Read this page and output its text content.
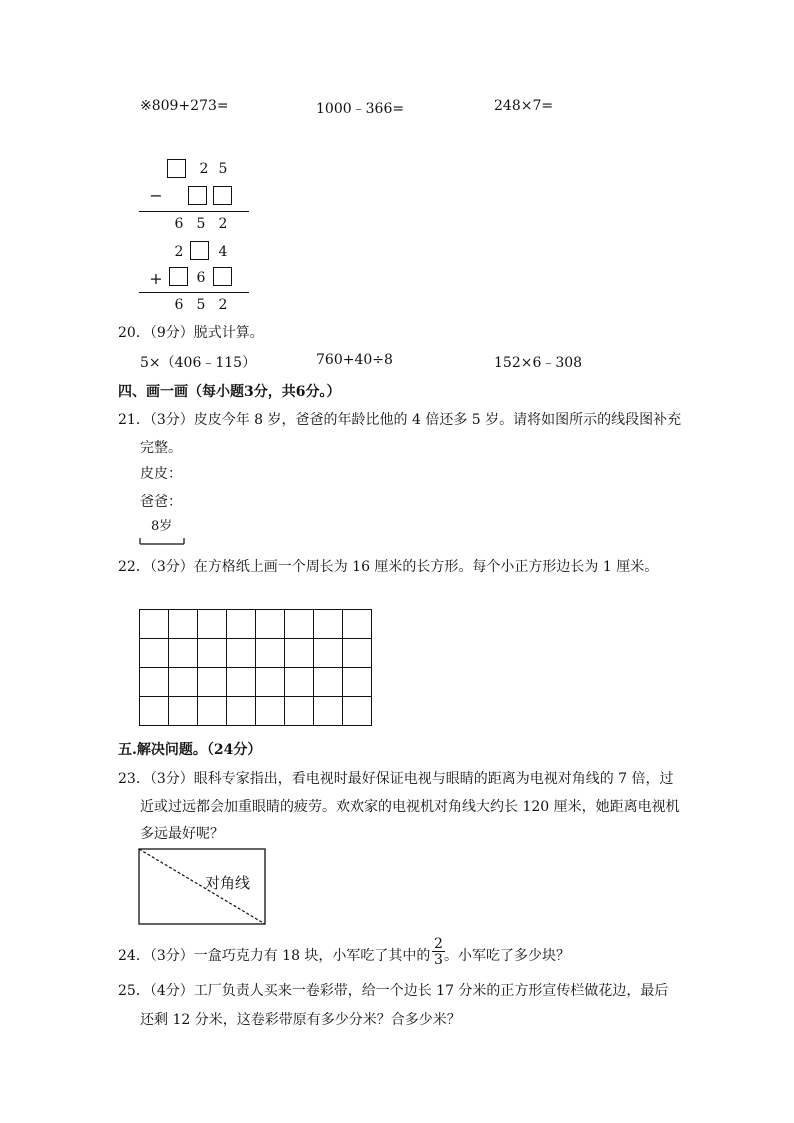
※809+273=	1000﹣366=	248×7=
2 5
−
6 5 2
2	4
+	6
6 5 2
20．（9分）脱式计算。
5×（406﹣115）	760+40÷8	152×6﹣308
四、画一画（每小题3分，共6分。）
21．（3分）皮皮今年 8 岁，爸爸的年龄比他的 4 倍还多 5 岁。请将如图所示的线段图补充
完整。
皮皮：
爸爸：
8岁
22．（3分）在方格纸上画一个周长为 16 厘米的长方形。每个小正方形边长为 1 厘米。

五.解决问题。（24分）
23．（3分）眼科专家指出，看电视时最好保证电视与眼睛的距离为电视对角线的 7 倍，过
近或过远都会加重眼睛的疲劳。欢欢家的电视机对角线大约长 120 厘米，她距离电视机
多远最好呢？
对角线
24．（3分）一盒巧克力有 18 块，小军吃了其中的 $\frac{2}{3}$ 。小军吃了多少块？
25．（4分）工厂负责人买来一卷彩带，给一个边长 17 分米的正方形宣传栏做花边，最后
还剩 12 分米，这卷彩带原有多少分米？合多少米？
